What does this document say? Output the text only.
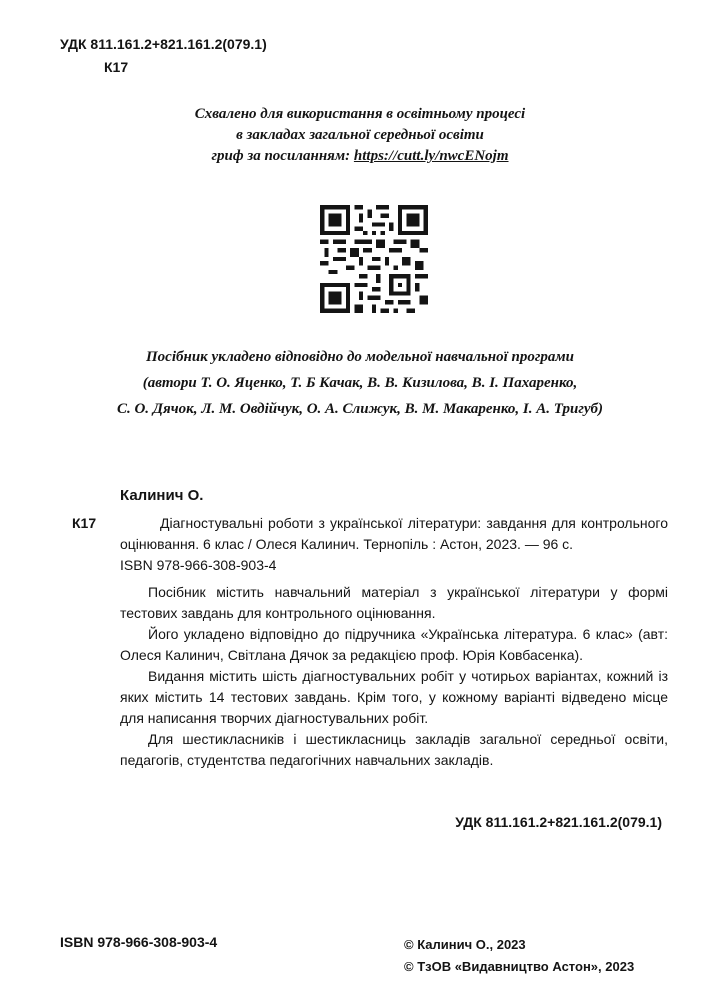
УДК 811.161.2+821.161.2(079.1)
К17
Схвалено для використання в освітньому процесі
в закладах загальної середньої освіти
гриф за посиланням: https://cutt.ly/nwcENojm
Посібник укладено відповідно до модельної навчальної програми
(автори Т. О. Яценко, Т. Б Качак, В. В. Кизилова, В. І. Пахаренко,
С. О. Дячок, Л. М. Овдійчук, О. А. Слижук, В. М. Макаренко, І. А. Тригуб)
Калинич О.
К17	Діагностувальні роботи з української літератури: завдання для контрольного оцінювання. 6 клас / Олеся Калинич. Тернопіль : Астон, 2023. — 96 с.
ISBN 978-966-308-903-4

Посібник містить навчальний матеріал з української літератури у формі тестових завдань для контрольного оцінювання.

Його укладено відповідно до підручника «Українська література. 6 клас» (авт: Олеся Калинич, Світлана Дячок за редакцією проф. Юрія Ковбасенка).

Видання містить шість діагностувальних робіт у чотирьох варіантах, кожний із яких містить 14 тестових завдань. Крім того, у кожному варіанті відведено місце для написання творчих діагностувальних робіт.

Для шестикласників і шестикласниць закладів загальної середньої освіти, педагогів, студентства педагогічних навчальних закладів.

УДК 811.161.2+821.161.2(079.1)
ISBN 978-966-308-903-4	© Калинич О., 2023
© ТзОВ «Видавництво Астон», 2023
